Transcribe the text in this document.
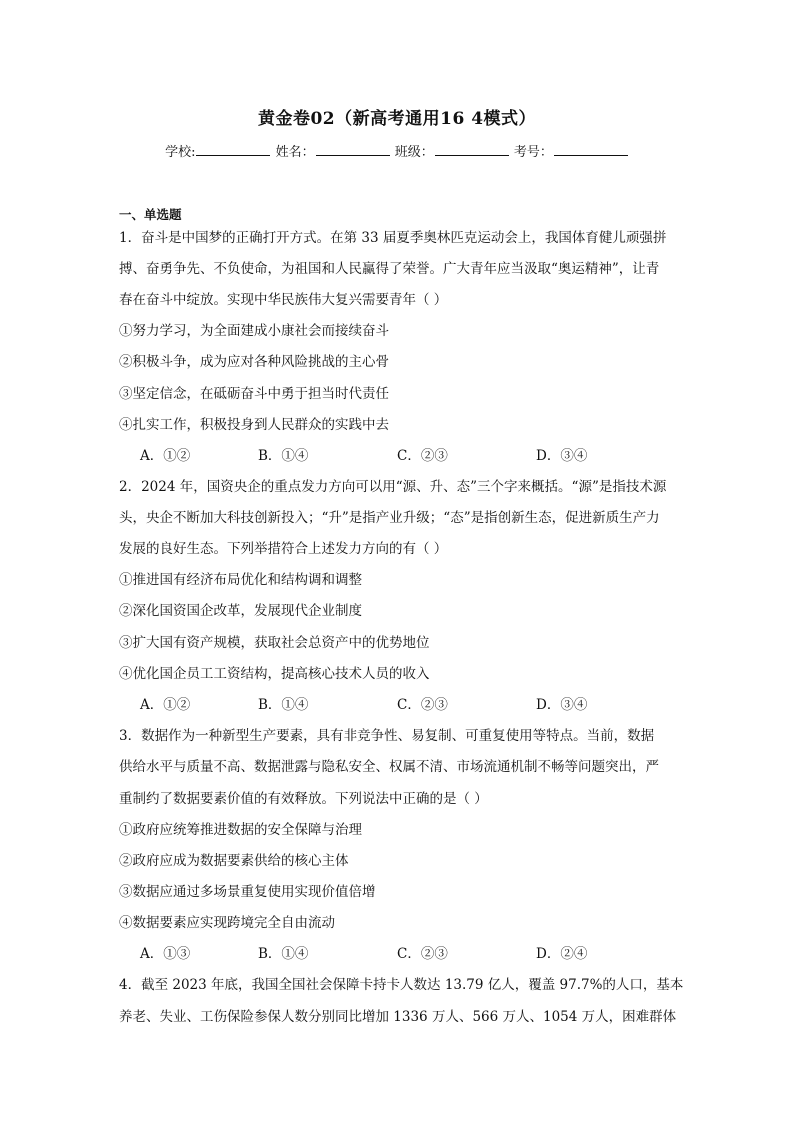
黄金卷02（新高考通用16 4模式）
学校:	姓名：	班级：	考号：
一、单选题
1．奋斗是中国梦的正确打开方式。在第 33 届夏季奥林匹克运动会上，我国体育健儿顽强拼
搏、奋勇争先、不负使命，为祖国和人民赢得了荣誉。广大青年应当汲取“奥运精神”，让青
春在奋斗中绽放。实现中华民族伟大复兴需要青年（ ）
①努力学习，为全面建成小康社会而接续奋斗
②积极斗争，成为应对各种风险挑战的主心骨
③坚定信念，在砥砺奋斗中勇于担当时代责任
④扎实工作，积极投身到人民群众的实践中去
A．①②	B．①④	C．②③	D．③④
2．2024 年，国资央企的重点发力方向可以用“源、升、态”三个字来概括。“源”是指技术源
头，央企不断加大科技创新投入；“升”是指产业升级；“态”是指创新生态，促进新质生产力
发展的良好生态。下列举措符合上述发力方向的有（ ）
①推进国有经济布局优化和结构调和调整
②深化国资国企改革，发展现代企业制度
③扩大国有资产规模，获取社会总资产中的优势地位
④优化国企员工工资结构，提高核心技术人员的收入
A．①②	B．①④	C．②③	D．③④
3．数据作为一种新型生产要素，具有非竞争性、易复制、可重复使用等特点。当前，数据
供给水平与质量不高、数据泄露与隐私安全、权属不清、市场流通机制不畅等问题突出，严
重制约了数据要素价值的有效释放。下列说法中正确的是（ ）
①政府应统筹推进数据的安全保障与治理
②政府应成为数据要素供给的核心主体
③数据应通过多场景重复使用实现价值倍增
④数据要素应实现跨境完全自由流动
A．①③	B．①④	C．②③	D．②④
4．截至 2023 年底，我国全国社会保障卡持卡人数达 13.79 亿人，覆盖 97.7%的人口，基本
养老、失业、工伤保险参保人数分别同比增加 1336 万人、566 万人、1054 万人，困难群体
